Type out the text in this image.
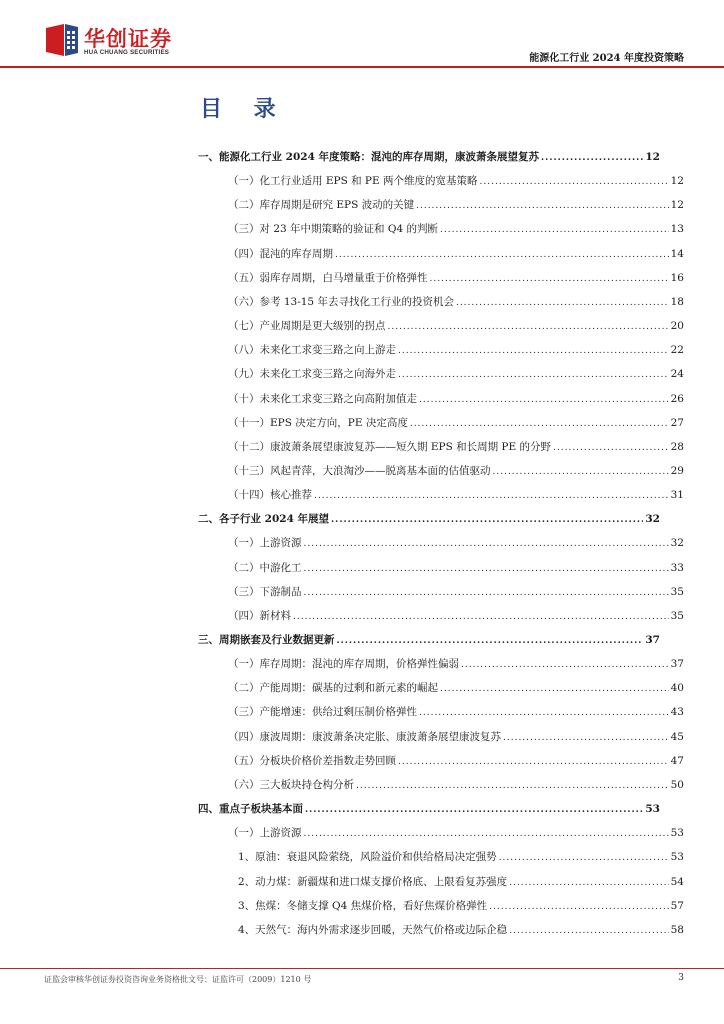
华创证券
HUA CHUANG SECURITIES
能源化工行业 2024 年度投资策略
目 录
一、能源化工行业 2024 年度策略：混沌的库存周期，康波萧条展望复苏 .....	12
（一）化工行业适用 EPS 和 PE 两个维度的宽基策略 .....	12
（二）库存周期是研究 EPS 波动的关键 .....	12
（三）对 23 年中期策略的验证和 Q4 的判断 .....	13
（四）混沌的库存周期 .....	14
（五）弱库存周期，白马增量重于价格弹性 .....	16
（六）参考 13-15 年去寻找化工行业的投资机会 .....	18
（七）产业周期是更大级别的拐点 .....	20
（八）未来化工求变三路之向上游走 .....	22
（九）未来化工求变三路之向海外走 .....	24
（十）未来化工求变三路之向高附加值走 .....	26
（十一）EPS 决定方向，PE 决定高度 .....	27
（十二）康波萧条展望康波复苏——短久期 EPS 和长周期 PE 的分野 .....	28
（十三）风起青萍，大浪淘沙——脱离基本面的估值驱动 .....	29
（十四）核心推荐 .....	31
二、各子行业 2024 年展望 .....	32
（一）上游资源 .....	32
（二）中游化工 .....	33
（三）下游制品 .....	35
（四）新材料 .....	35
三、周期嵌套及行业数据更新 .....	37
（一）库存周期：混沌的库存周期，价格弹性偏弱 .....	37
（二）产能周期：碳基的过剩和新元素的崛起 .....	40
（三）产能增速：供给过剩压制价格弹性 .....	43
（四）康波周期：康波萧条决定胀、康波萧条展望康波复苏 .....	45
（五）分板块价格价差指数走势回顾 .....	47
（六）三大板块持仓构分析 .....	50
四、重点子板块基本面 .....	53
（一）上游资源 .....	53
1、原油：衰退风险萦绕，风险溢价和供给格局决定强势 .....	53
2、动力煤：新疆煤和进口煤支撑价格底、上限看复苏强度 .....	54
3、焦煤：冬储支撑 Q4 焦煤价格，看好焦煤价格弹性 .....	57
4、天然气：海内外需求逐步回暖，天然气价格或边际企稳 .....	58
证监会审核华创证券投资咨询业务资格批文号：证监许可（2009）1210 号	3
